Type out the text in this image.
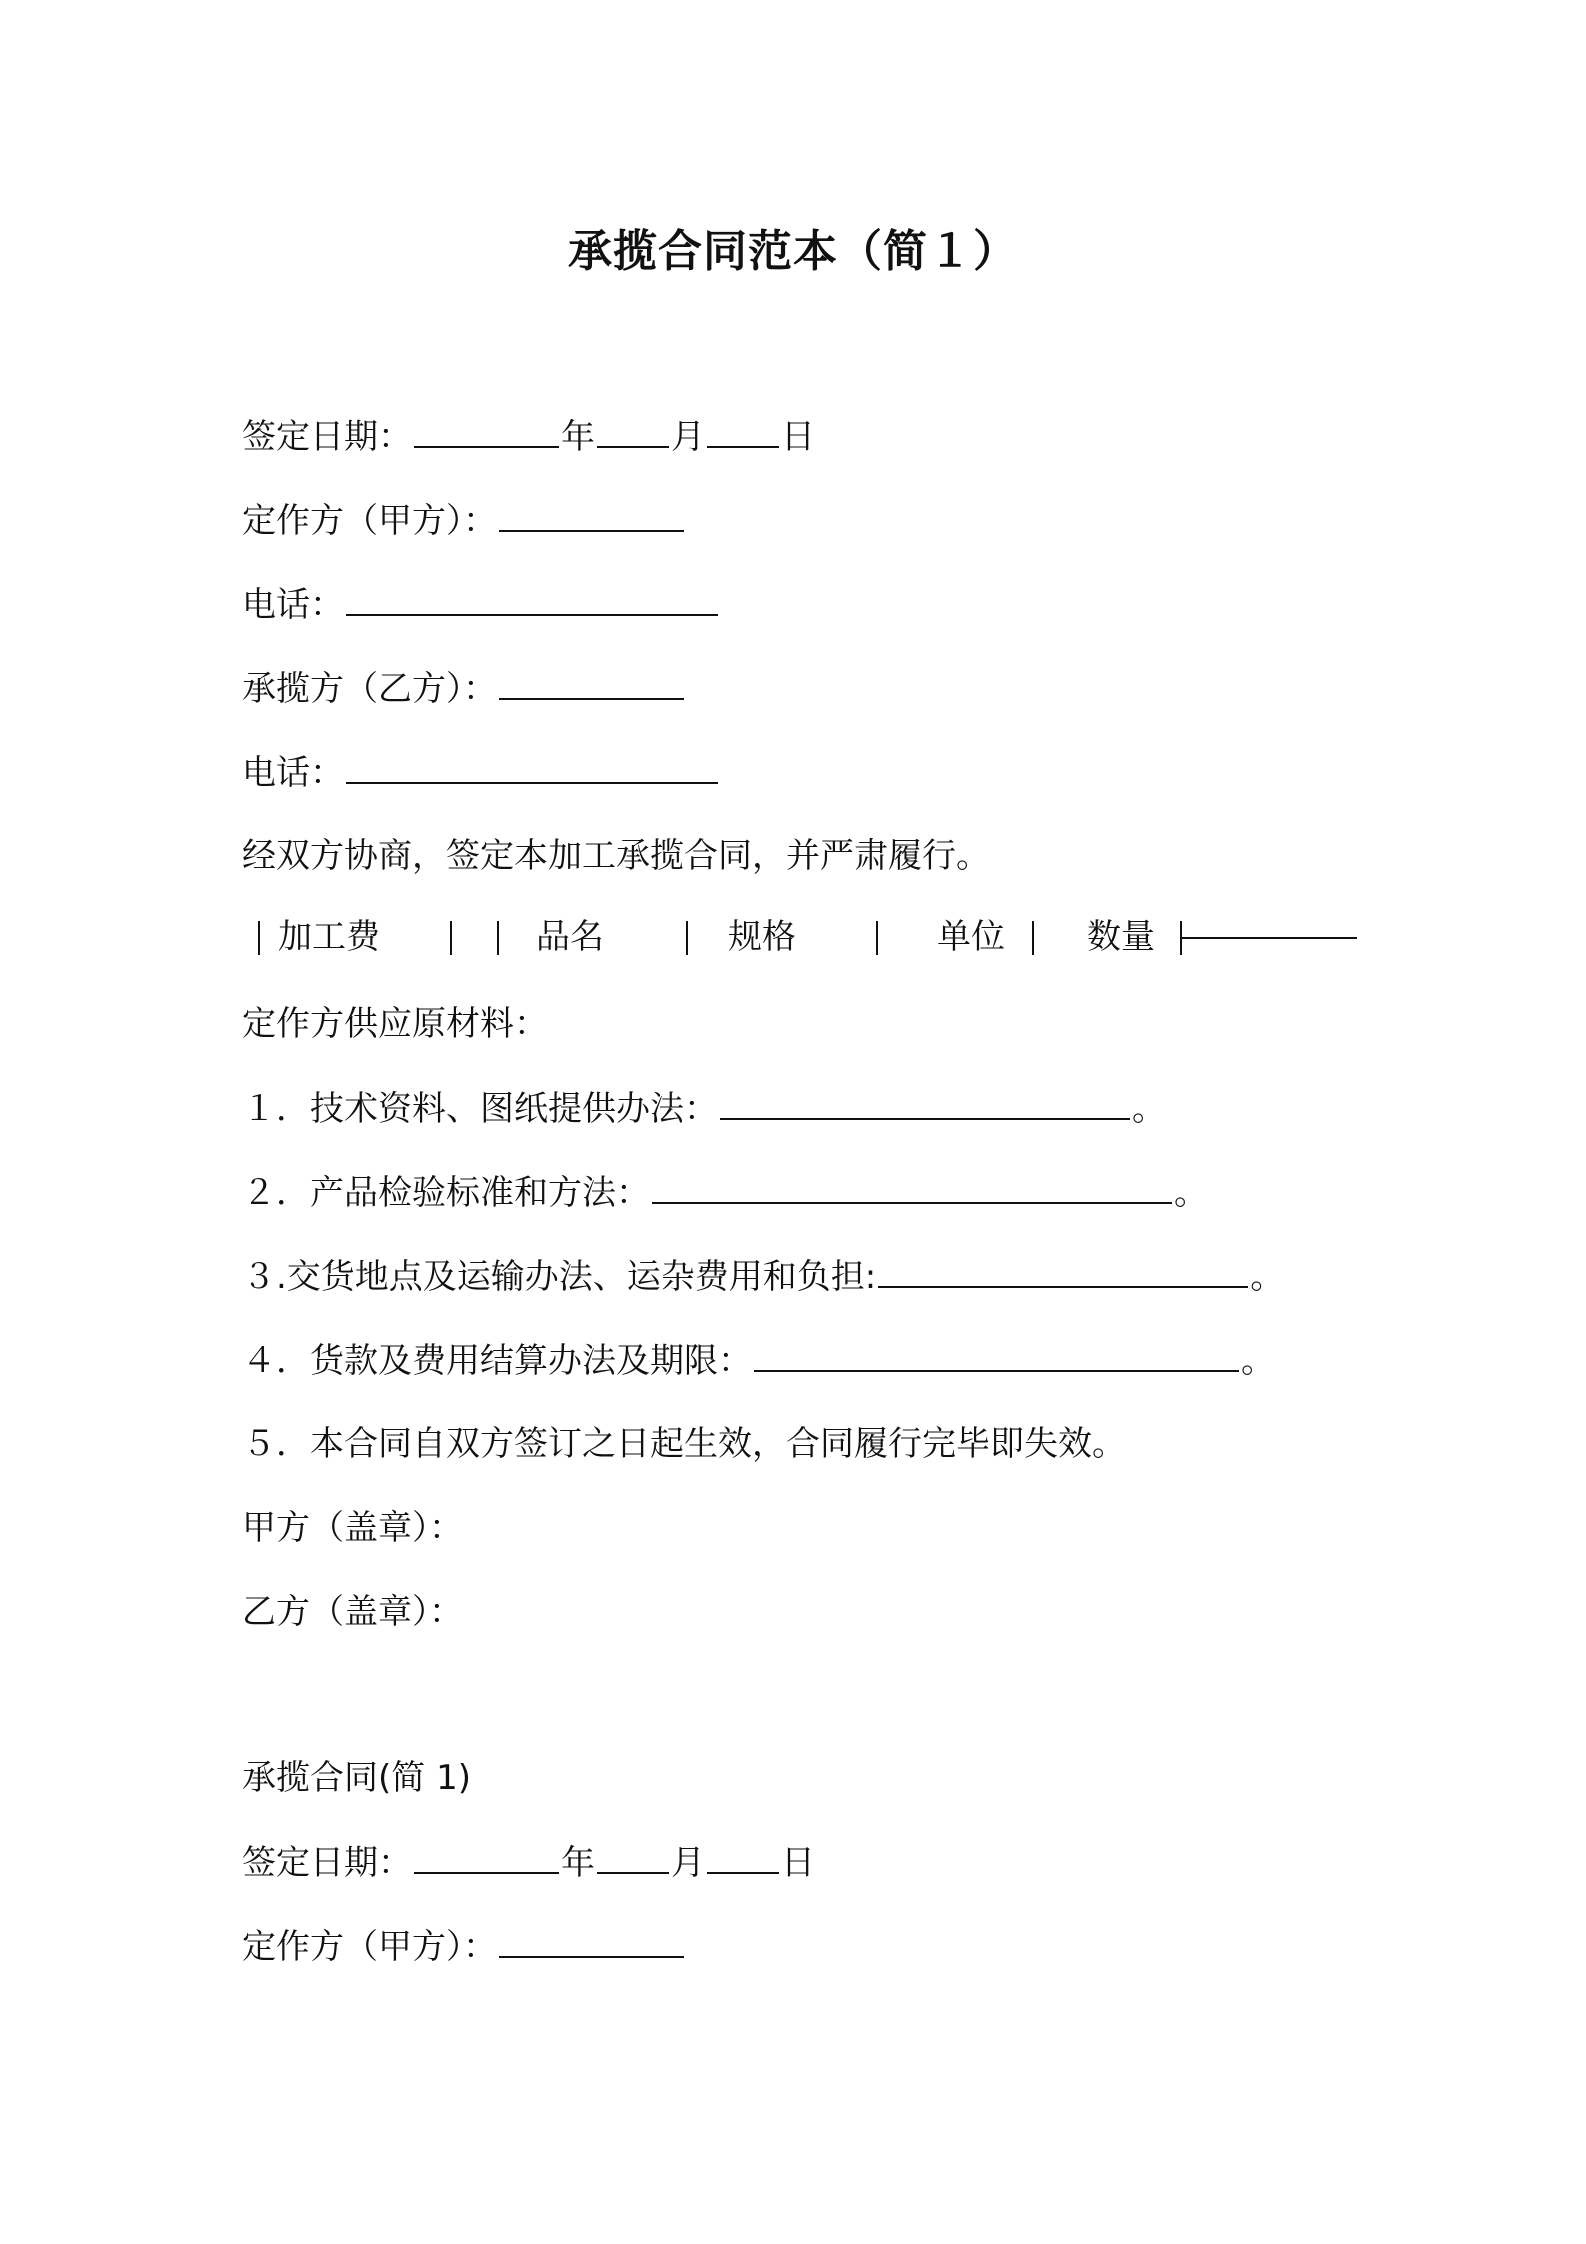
承揽合同范本（简１）
签定日期：	年 月 日
定作方（甲方）：
电话：
承揽方（乙方）：
电话：
经双方协商，签定本加工承揽合同，并严肃履行。
加工费	品名	规格	单位 数量
定作方供应原材料：
１．技术资料、图纸提供办法：	。
２．产品检验标准和方法：	。
３.交货地点及运输办法、运杂费用和负担:	。
４．货款及费用结算办法及期限：	。
５．本合同自双方签订之日起生效，合同履行完毕即失效。
甲方（盖章）：
乙方（盖章）：
承揽合同(简 1)
签定日期：	年 月 日
定作方（甲方）：
